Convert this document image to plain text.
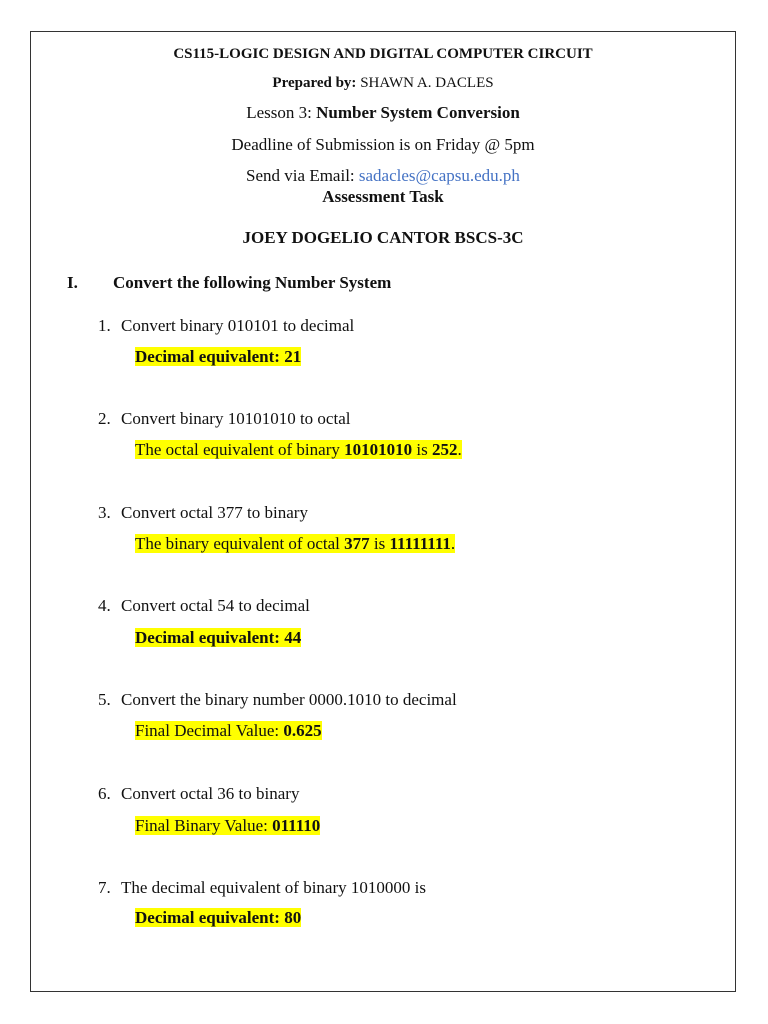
CS115-LOGIC DESIGN AND DIGITAL COMPUTER CIRCUIT
Prepared by: SHAWN A. DACLES
Lesson 3: Number System Conversion
Deadline of Submission is on Friday @ 5pm
Send via Email: sadacles@capsu.edu.ph
Assessment Task
JOEY DOGELIO CANTOR BSCS-3C
I. Convert the following Number System
1. Convert binary 010101 to decimal
Decimal equivalent: 21
2. Convert binary 10101010 to octal
The octal equivalent of binary 10101010 is 252.
3. Convert octal 377 to binary
The binary equivalent of octal 377 is 11111111.
4. Convert octal 54 to decimal
Decimal equivalent: 44
5. Convert the binary number 0000.1010 to decimal
Final Decimal Value: 0.625
6. Convert octal 36 to binary
Final Binary Value: 011110
7. The decimal equivalent of binary 1010000 is
Decimal equivalent: 80
